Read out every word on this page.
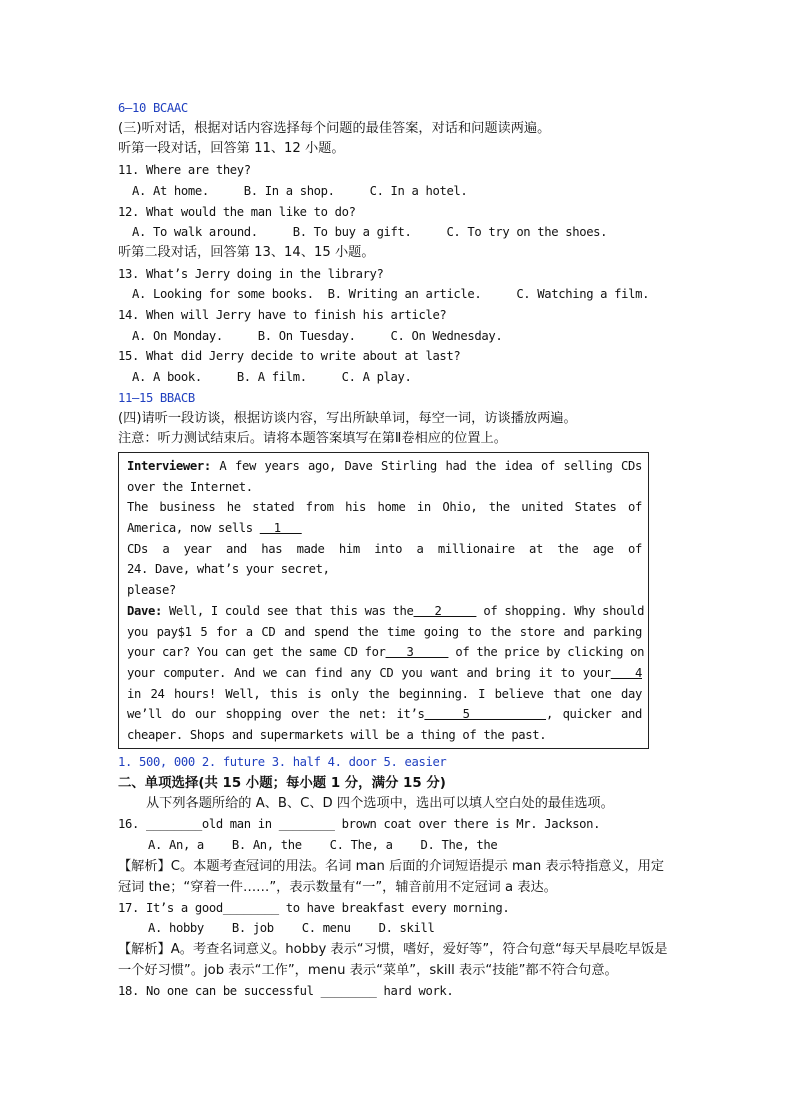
6—10 BCAAC
(三)听对话，根据对话内容选择每个问题的最佳答案，对话和问题读两遍。
听第一段对话，回答第 11、12 小题。
11. Where are they?
A. At home.     B. In a shop.     C. In a hotel.
12. What would the man like to do?
A. To walk around.     B. To buy a gift.     C. To try on the shoes.
听第二段对话，回答第 13、14、15 小题。
13. What’s Jerry doing in the library?
A. Looking for some books.  B. Writing an article.     C. Watching a film.
14. When will Jerry have to finish his article?
A. On Monday.     B. On Tuesday.     C. On Wednesday.
15. What did Jerry decide to write about at last?
A. A book.     B. A film.     C. A play.
11—15 BBACB
(四)请听一段访谈，根据访谈内容，写出所缺单词，每空一词，访谈播放两遍。
注意：听力测试结束后。请将本题答案填写在第Ⅱ卷相应的位置上。
Interviewer: A few years ago, Dave Stirling had the idea of selling CDs
over the Internet.
The business he stated from his home in Ohio, the united States of
America, now sells   1
CDs a year and has made him into a millionaire at the age of
24. Dave, what’s your secret,
please?
Dave: Well, I could see that this was the   2      of shopping. Why should
you pay$1 5 for a CD and spend the time going to the store and parking
your car? You can get the same CD for   3      of the price by clicking on
your computer. And we can find any CD you want and bring it to your   4
in 24 hours! Well, this is only the beginning. I believe that one day
we’ll do our shopping over the net: it’s    5        , quicker and
cheaper. Shops and supermarkets will be a thing of the past.
1. 500, 000 2. future 3. half 4. door 5. easier
二、单项选择(共 15 小题；每小题 1 分，满分 15 分)
从下列各题所给的 A、B、C、D 四个选项中，选出可以填人空白处的最佳选项。
16. ________old man in ________ brown coat over there is Mr. Jackson.
A. An, a    B. An, the    C. The, a    D. The, the
【解析】C。本题考查冠词的用法。名词 man 后面的介词短语提示 man 表示特指意义，用定冠词 the；“穿着一件……”，表示数量有“一”，辅音前用不定冠词 a 表达。
17. It’s a good________ to have breakfast every morning.
A. hobby    B. job    C. menu    D. skill
【解析】A。考查名词意义。hobby 表示“习惯，嗜好，爱好等”，符合句意“每天早晨吃早饭是一个好习惯”。job 表示“工作”，menu 表示“菜单”，skill 表示“技能”都不符合句意。
18. No one can be successful ________ hard work.
